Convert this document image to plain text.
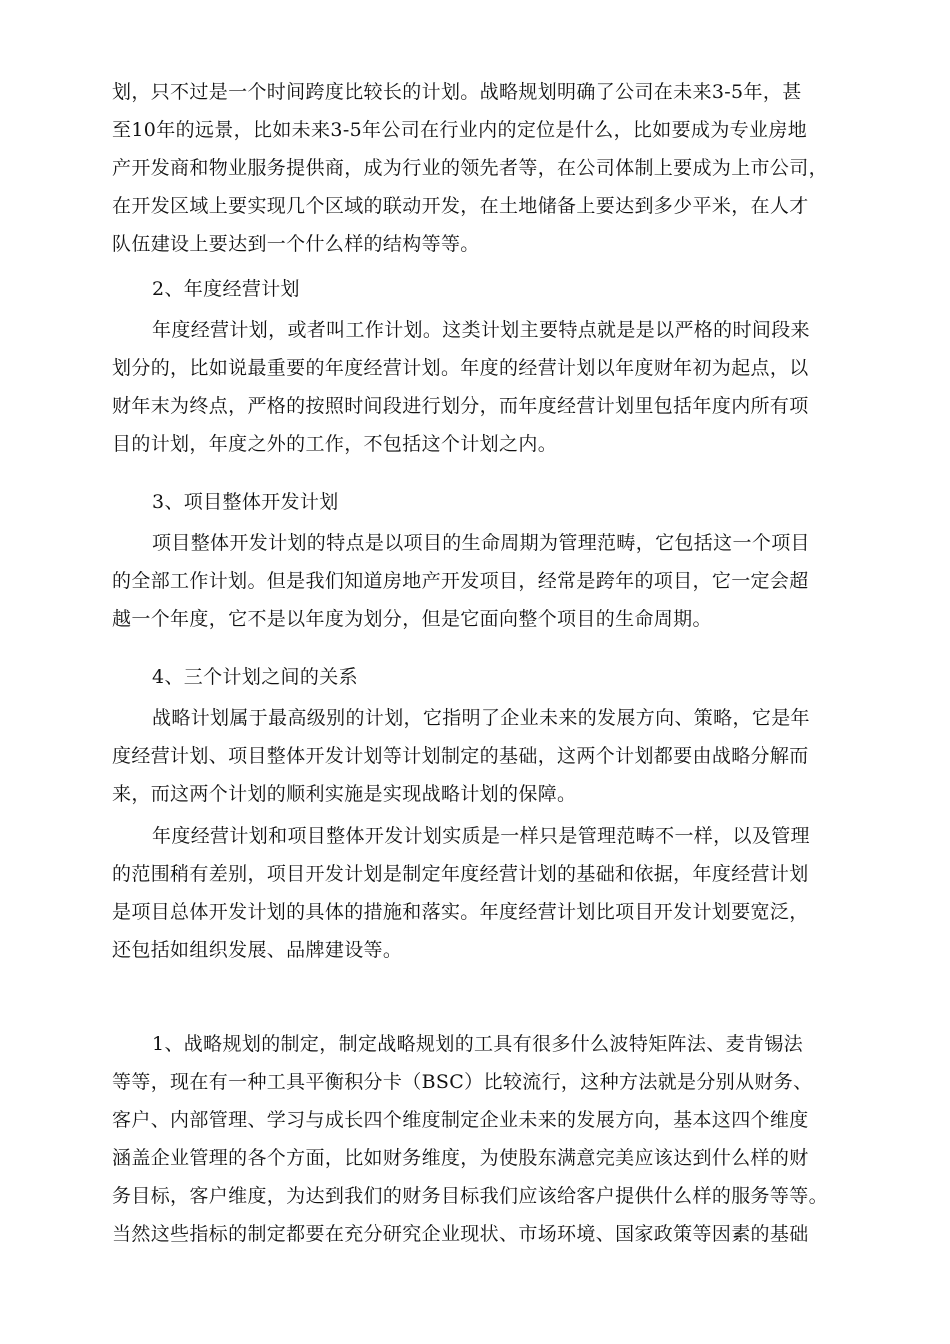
划，只不过是一个时间跨度比较长的计划。战略规划明确了公司在未来3-5年，甚
至10年的远景，比如未来3-5年公司在行业内的定位是什么，比如要成为专业房地
产开发商和物业服务提供商，成为行业的领先者等，在公司体制上要成为上市公司，
在开发区域上要实现几个区域的联动开发，在土地储备上要达到多少平米，在人才
队伍建设上要达到一个什么样的结构等等。
2、年度经营计划
年度经营计划，或者叫工作计划。这类计划主要特点就是是以严格的时间段来
划分的，比如说最重要的年度经营计划。年度的经营计划以年度财年初为起点，以
财年末为终点，严格的按照时间段进行划分，而年度经营计划里包括年度内所有项
目的计划，年度之外的工作，不包括这个计划之内。
3、项目整体开发计划
项目整体开发计划的特点是以项目的生命周期为管理范畴，它包括这一个项目
的全部工作计划。但是我们知道房地产开发项目，经常是跨年的项目，它一定会超
越一个年度，它不是以年度为划分，但是它面向整个项目的生命周期。
4、三个计划之间的关系
战略计划属于最高级别的计划，它指明了企业未来的发展方向、策略，它是年
度经营计划、项目整体开发计划等计划制定的基础，这两个计划都要由战略分解而
来，而这两个计划的顺利实施是实现战略计划的保障。
年度经营计划和项目整体开发计划实质是一样只是管理范畴不一样，以及管理
的范围稍有差别，项目开发计划是制定年度经营计划的基础和依据，年度经营计划
是项目总体开发计划的具体的措施和落实。年度经营计划比项目开发计划要宽泛，
还包括如组织发展、品牌建设等。
1、战略规划的制定，制定战略规划的工具有很多什么波特矩阵法、麦肯锡法
等等，现在有一种工具平衡积分卡（BSC）比较流行，这种方法就是分别从财务、
客户、内部管理、学习与成长四个维度制定企业未来的发展方向，基本这四个维度
涵盖企业管理的各个方面，比如财务维度，为使股东满意完美应该达到什么样的财
务目标，客户维度，为达到我们的财务目标我们应该给客户提供什么样的服务等等。
当然这些指标的制定都要在充分研究企业现状、市场环境、国家政策等因素的基础
